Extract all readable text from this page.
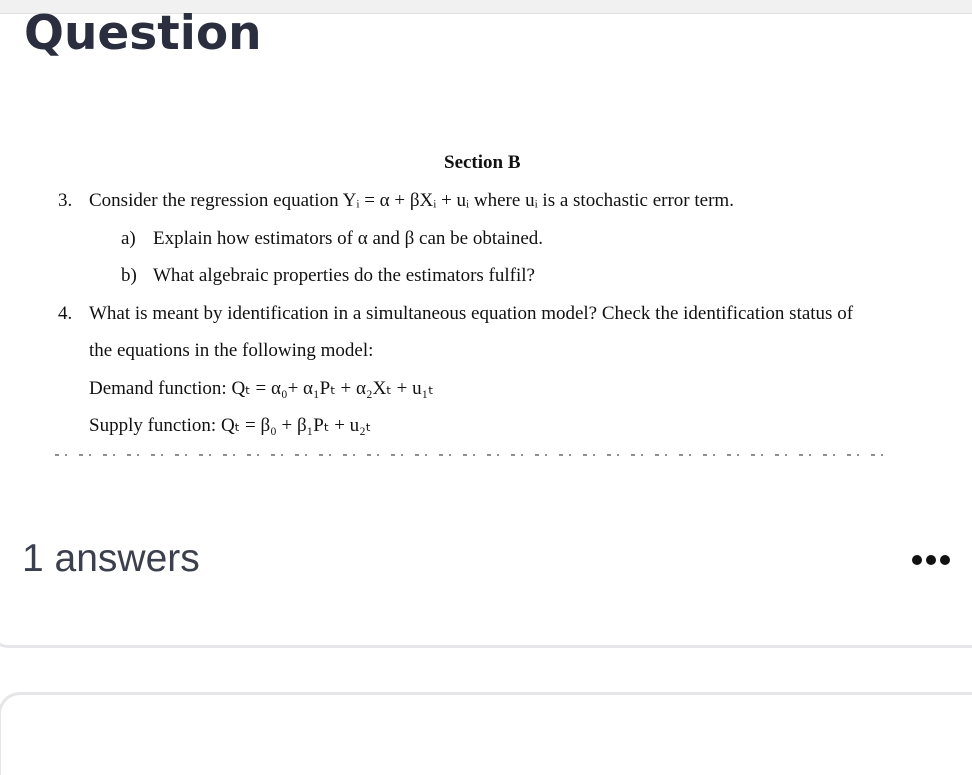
Question
Section B
3. Consider the regression equation Yᵢ = α + βXᵢ + uᵢ where uᵢ is a stochastic error term.
a) Explain how estimators of α and β can be obtained.
b) What algebraic properties do the estimators fulfil?
4. What is meant by identification in a simultaneous equation model? Check the identification status of
the equations in the following model:
Demand function: Qₜ = α₀+ α₁Pₜ + α₂Xₜ + u₁ₜ
Supply function: Qₜ = β₀ + β₁Pₜ + u₂ₜ
1 answers
